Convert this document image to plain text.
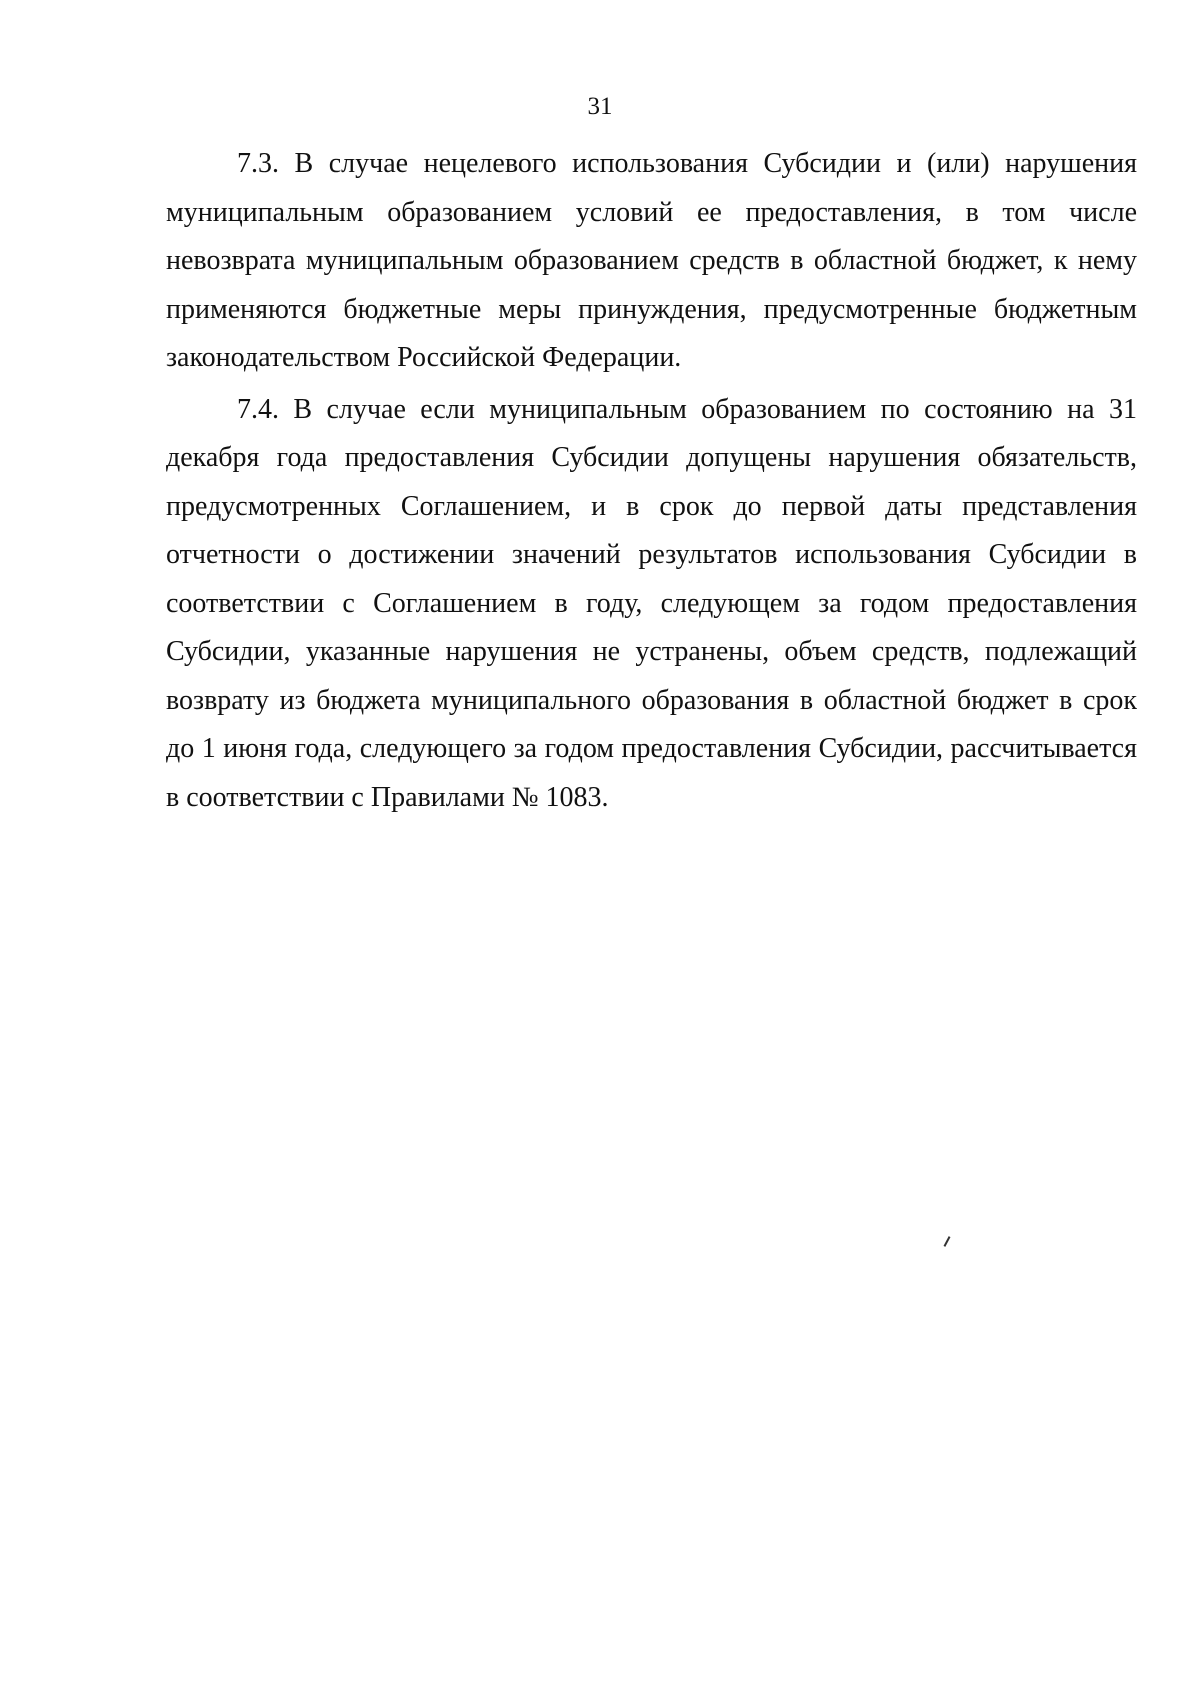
31

7.3. В случае нецелевого использования Субсидии и (или) нарушения муниципальным образованием условий ее предоставления, в том числе невозврата муниципальным образованием средств в областной бюджет, к нему применяются бюджетные меры принуждения, предусмотренные бюджетным законодательством Российской Федерации.

7.4. В случае если муниципальным образованием по состоянию на 31 декабря года предоставления Субсидии допущены нарушения обязательств, предусмотренных Соглашением, и в срок до первой даты представления отчетности о достижении значений результатов использования Субсидии в соответствии с Соглашением в году, следующем за годом предоставления Субсидии, указанные нарушения не устранены, объем средств, подлежащий возврату из бюджета муниципального образования в областной бюджет в срок до 1 июня года, следующего за годом предоставления Субсидии, рассчитывается в соответствии с Правилами № 1083.
